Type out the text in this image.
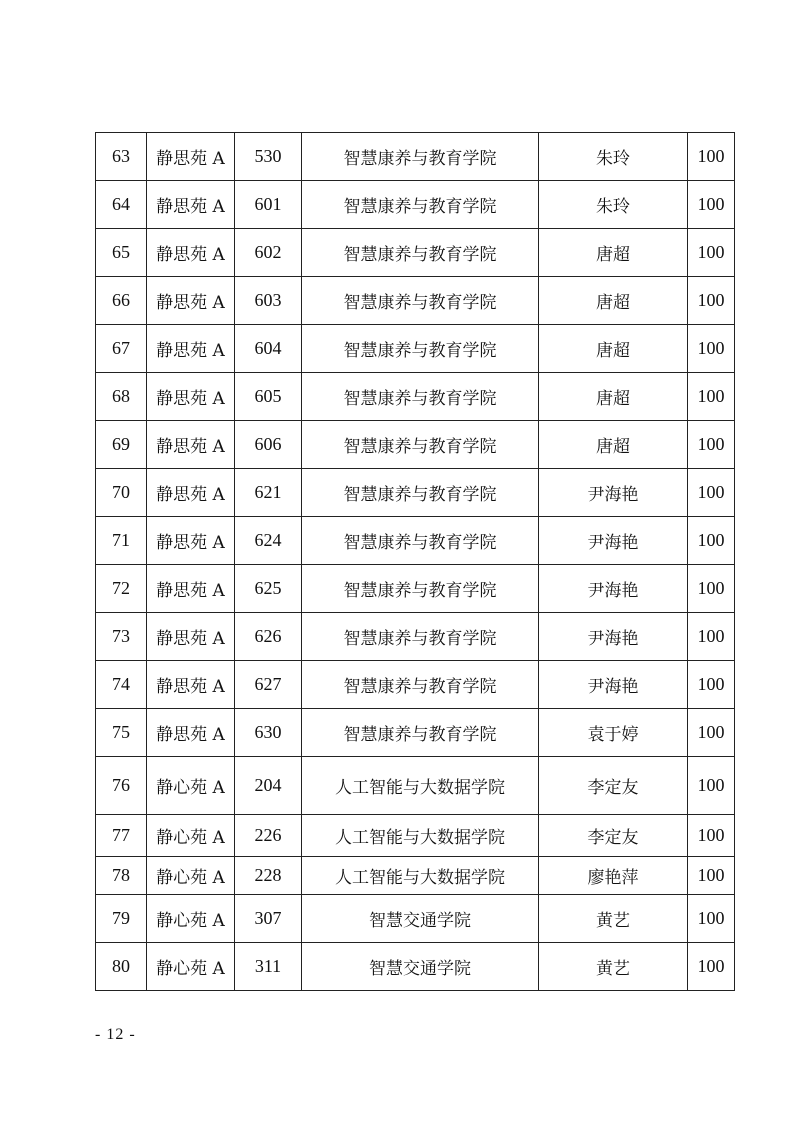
63	静思苑 A	530	智慧康养与教育学院	朱玲	100
64	静思苑 A	601	智慧康养与教育学院	朱玲	100
65	静思苑 A	602	智慧康养与教育学院	唐超	100
66	静思苑 A	603	智慧康养与教育学院	唐超	100
67	静思苑 A	604	智慧康养与教育学院	唐超	100
68	静思苑 A	605	智慧康养与教育学院	唐超	100
69	静思苑 A	606	智慧康养与教育学院	唐超	100
70	静思苑 A	621	智慧康养与教育学院	尹海艳	100
71	静思苑 A	624	智慧康养与教育学院	尹海艳	100
72	静思苑 A	625	智慧康养与教育学院	尹海艳	100
73	静思苑 A	626	智慧康养与教育学院	尹海艳	100
74	静思苑 A	627	智慧康养与教育学院	尹海艳	100
75	静思苑 A	630	智慧康养与教育学院	袁于婷	100
76	静心苑 A	204	人工智能与大数据学院	李定友	100
77	静心苑 A	226	人工智能与大数据学院	李定友	100
78	静心苑 A	228	人工智能与大数据学院	廖艳萍	100
79	静心苑 A	307	智慧交通学院	黄艺	100
80	静心苑 A	311	智慧交通学院	黄艺	100
- 12 -
